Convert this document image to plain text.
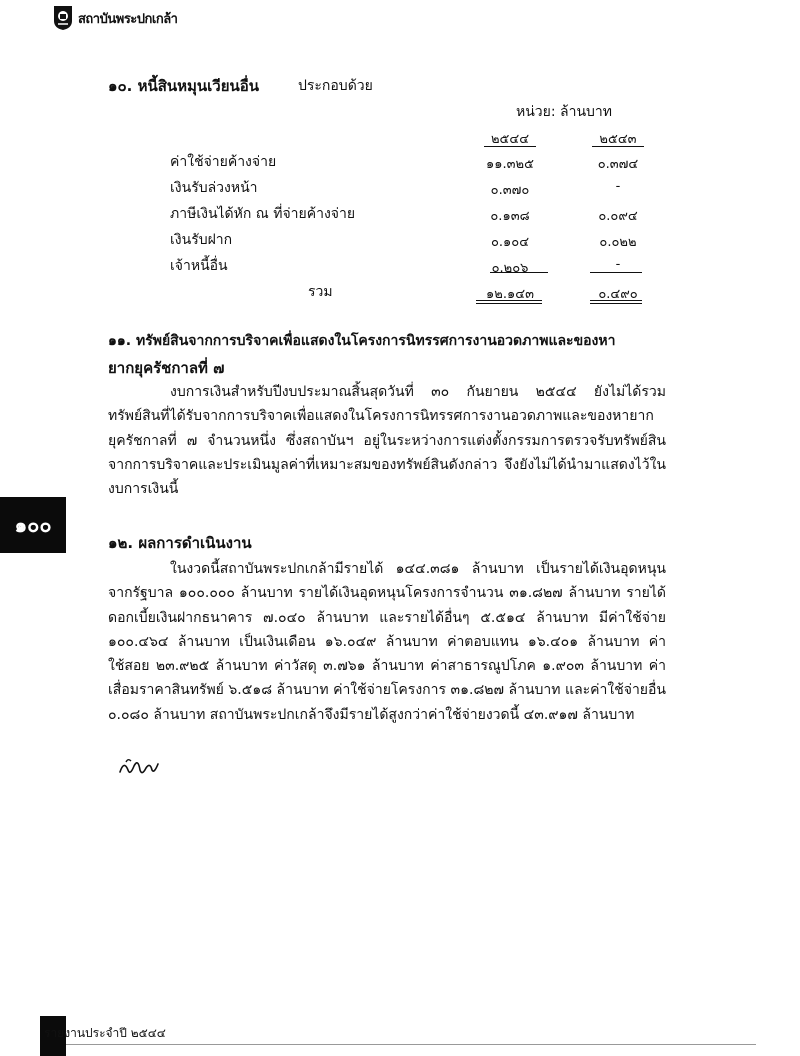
สถาบันพระปกเกล้า
๑๐. หนี้สินหมุนเวียนอื่น	ประกอบด้วย
หน่วย: ล้านบาท
๒๕๔๔	๒๕๔๓
ค่าใช้จ่ายค้างจ่าย	๑๑.๓๒๕	๐.๓๗๔
เงินรับล่วงหน้า	๐.๓๗๐	-
ภาษีเงินได้หัก ณ ที่จ่ายค้างจ่าย	๐.๑๓๘	๐.๐๙๔
เงินรับฝาก	๐.๑๐๔	๐.๐๒๒
เจ้าหนี้อื่น	๐.๒๐๖	-
รวม	๑๒.๑๔๓	๐.๔๙๐
๑๑. ทรัพย์สินจากการบริจาคเพื่อแสดงในโครงการนิทรรศการงานอวดภาพและของหา
ยากยุครัชกาลที่ ๗

งบการเงินสำหรับปีงบประมาณสิ้นสุดวันที่ ๓๐ กันยายน ๒๕๔๔ ยังไม่ได้รวมทรัพย์สินที่ได้รับจากการบริจาคเพื่อแสดงในโครงการนิทรรศการงานอวดภาพและของหายากยุครัชกาลที่ ๗ จำนวนหนึ่ง ซึ่งสถาบันฯ อยู่ในระหว่างการแต่งตั้งกรรมการตรวจรับทรัพย์สินจากการบริจาคและประเมินมูลค่าที่เหมาะสมของทรัพย์สินดังกล่าว จึงยังไม่ได้นำมาแสดงไว้ในงบการเงินนี้

๑๐๐
๑๒. ผลการดำเนินงาน

ในงวดนี้สถาบันพระปกเกล้ามีรายได้ ๑๔๔.๓๘๑ ล้านบาท เป็นรายได้เงินอุดหนุนจากรัฐบาล ๑๐๐.๐๐๐ ล้านบาท รายได้เงินอุดหนุนโครงการจำนวน ๓๑.๘๒๗ ล้านบาท รายได้ดอกเบี้ยเงินฝากธนาคาร ๗.๐๔๐ ล้านบาท และรายได้อื่นๆ ๕.๕๑๔ ล้านบาท มีค่าใช้จ่าย ๑๐๐.๔๖๔ ล้านบาท เป็นเงินเดือน ๑๖.๐๔๙ ล้านบาท ค่าตอบแทน ๑๖.๔๐๑ ล้านบาท ค่าใช้สอย ๒๓.๙๒๕ ล้านบาท ค่าวัสดุ ๓.๗๖๑ ล้านบาท ค่าสาธารณูปโภค ๑.๙๐๓ ล้านบาท ค่าเสื่อมราคาสินทรัพย์ ๖.๕๑๘ ล้านบาท ค่าใช้จ่ายโครงการ ๓๑.๘๒๗ ล้านบาท และค่าใช้จ่ายอื่น ๐.๐๘๐ ล้านบาท สถาบันพระปกเกล้าจึงมีรายได้สูงกว่าค่าใช้จ่ายงวดนี้ ๔๓.๙๑๗ ล้านบาท

รายงานประจำปี ๒๕๔๔
